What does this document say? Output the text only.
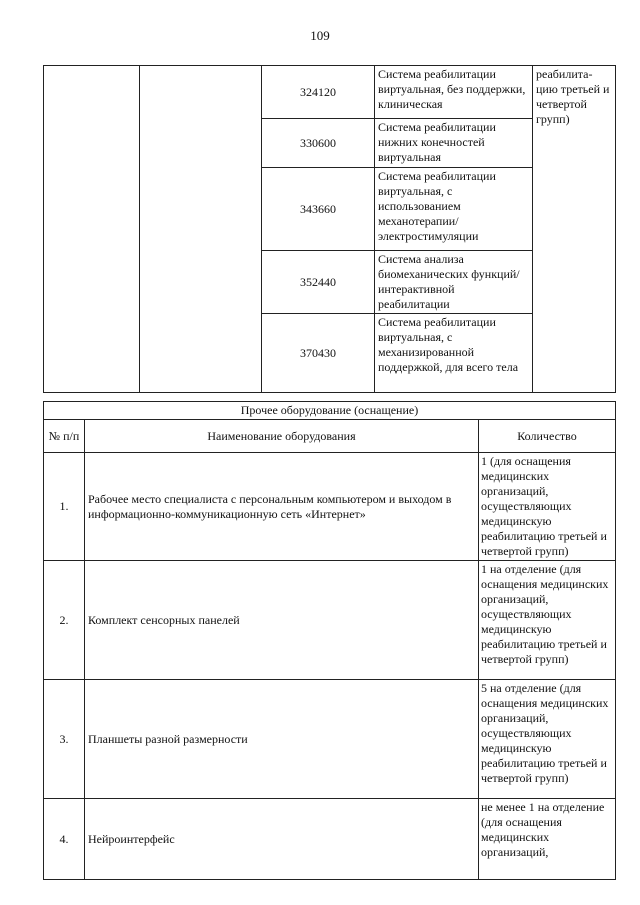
109
		324120	Система реабилитации виртуальная, без поддержки, клиническая	реабилита-цию третьей и четвертой групп)
		330600	Система реабилитации нижних конечностей виртуальная	
		343660	Система реабилитации виртуальная, с использованием механотерапии/ электростимуляции	
		352440	Система анализа биомеханических функций/интерактивной реабилитации	
		370430	Система реабилитации виртуальная, с механизированной поддержкой, для всего тела	
Прочее оборудование (оснащение)		
№ п/п	Наименование оборудования	Количество
1.	Рабочее место специалиста с персональным компьютером и выходом в информационно-коммуникационную сеть «Интернет»	1 (для оснащения медицинских организаций, осуществляющих медицинскую реабилитацию третьей и четвертой групп)
2.	Комплект сенсорных панелей	1 на отделение (для оснащения медицинских организаций, осуществляющих медицинскую реабилитацию третьей и четвертой групп)
3.	Планшеты разной размерности	5 на отделение (для оснащения медицинских организаций, осуществляющих медицинскую реабилитацию третьей и четвертой групп)
4.	Нейроинтерфейс	не менее 1 на отделение (для оснащения медицинских организаций,
